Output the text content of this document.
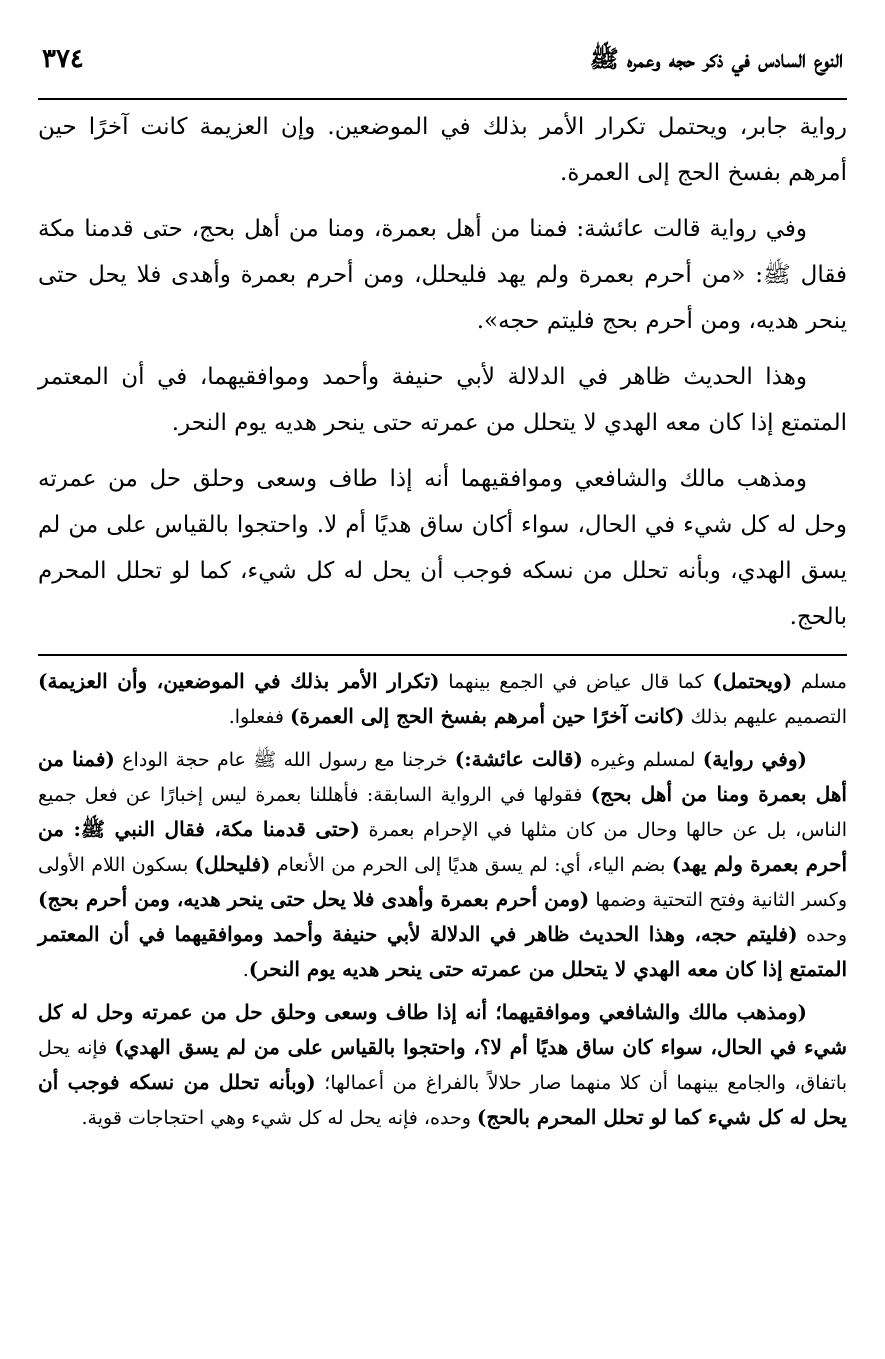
النوع السادس في ذكر حجه وعمره ﷺ
٣٧٤

رواية جابر، ويحتمل تكرار الأمر بذلك في الموضعين. وإن العزيمة كانت آخرًا حين أمرهم بفسخ الحج إلى العمرة.

وفي رواية قالت عائشة: فمنا من أهل بعمرة، ومنا من أهل بحج، حتى قدمنا مكة فقال ﷺ: «من أحرم بعمرة ولم يهد فليحلل، ومن أحرم بعمرة وأهدى فلا يحل حتى ينحر هديه، ومن أحرم بحج فليتم حجه».

وهذا الحديث ظاهر في الدلالة لأبي حنيفة وأحمد وموافقيهما، في أن المعتمر المتمتع إذا كان معه الهدي لا يتحلل من عمرته حتى ينحر هديه يوم النحر.

ومذهب مالك والشافعي وموافقيهما أنه إذا طاف وسعى وحلق حل من عمرته وحل له كل شيء في الحال، سواء أكان ساق هديًا أم لا. واحتجوا بالقياس على من لم يسق الهدي، وبأنه تحلل من نسكه فوجب أن يحل له كل شيء، كما لو تحلل المحرم بالحج.

مسلم (ويحتمل) كما قال عياض في الجمع بينهما (تكرار الأمر بذلك في الموضعين، وأن العزيمة) التصميم عليهم بذلك (كانت آخرًا حين أمرهم بفسخ الحج إلى العمرة) ففعلوا.

(وفي رواية) لمسلم وغيره (قالت عائشة:) خرجنا مع رسول الله ﷺ عام حجة الوداع (فمنا من أهل بعمرة ومنا من أهل بحج) فقولها في الرواية السابقة: فأهللنا بعمرة ليس إخبارًا عن فعل جميع الناس، بل عن حالها وحال من كان مثلها في الإحرام بعمرة (حتى قدمنا مكة، فقال النبي ﷺ: من أحرم بعمرة ولم يهد) بضم الياء، أي: لم يسق هديًا إلى الحرم من الأنعام (فليحلل) بسكون اللام الأولى وكسر الثانية وفتح التحتية وضمها (ومن أحرم بعمرة وأهدى فلا يحل حتى ينحر هديه، ومن أحرم بحج) وحده (فليتم حجه، وهذا الحديث ظاهر في الدلالة لأبي حنيفة وأحمد وموافقيهما في أن المعتمر المتمتع إذا كان معه الهدي لا يتحلل من عمرته حتى ينحر هديه يوم النحر).

(ومذهب مالك والشافعي وموافقيهما؛ أنه إذا طاف وسعى وحلق حل من عمرته وحل له كل شيء في الحال، سواء كان ساق هديًا أم لا؟، واحتجوا بالقياس على من لم يسق الهدي) فإنه يحل باتفاق، والجامع بينهما أن كلا منهما صار حلالاً بالفراغ من أعمالها؛ (وبأنه تحلل من نسكه فوجب أن يحل له كل شيء كما لو تحلل المحرم بالحج) وحده، فإنه يحل له كل شيء وهي احتجاجات قوية.
